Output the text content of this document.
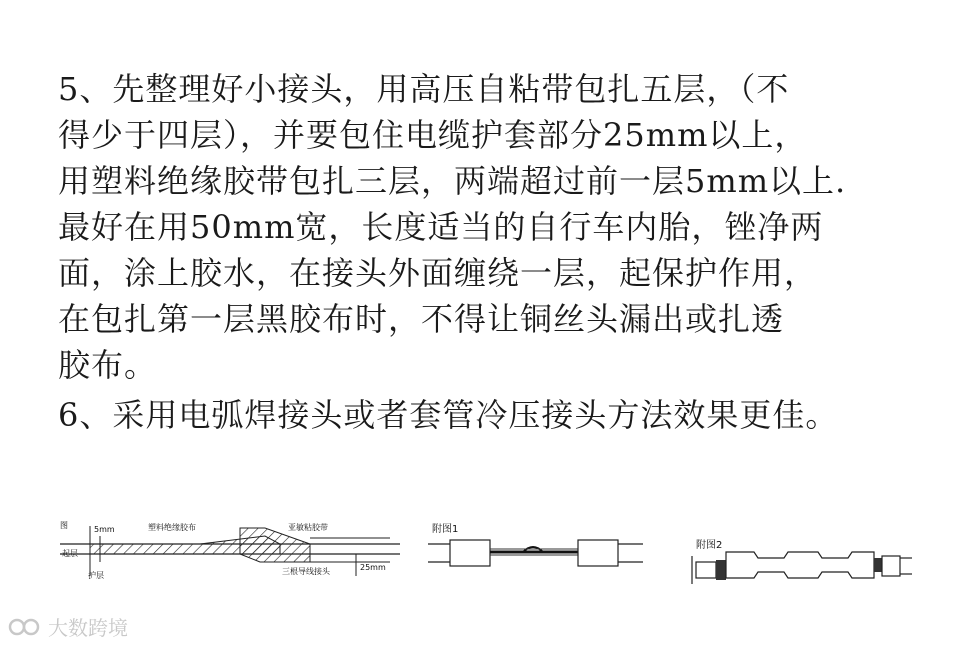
5、先整理好小接头，用高压自粘带包扎五层，（不
得少于四层），并要包住电缆护套部分25mm以上，
用塑料绝缘胶带包扎三层，两端超过前一层5mm以上.
最好在用50mm宽，长度适当的自行车内胎，锉净两
面，涂上胶水，在接头外面缠绕一层，起保护作用，
在包扎第一层黑胶布时，不得让铜丝头漏出或扎透
胶布。

6、采用电弧焊接头或者套管冷压接头方法效果更佳。

图	5mm	塑料绝缘胶布	亚敏粘胶带
起层
护层	三根导线接头	25mm
附图1
附图2
大数跨境
